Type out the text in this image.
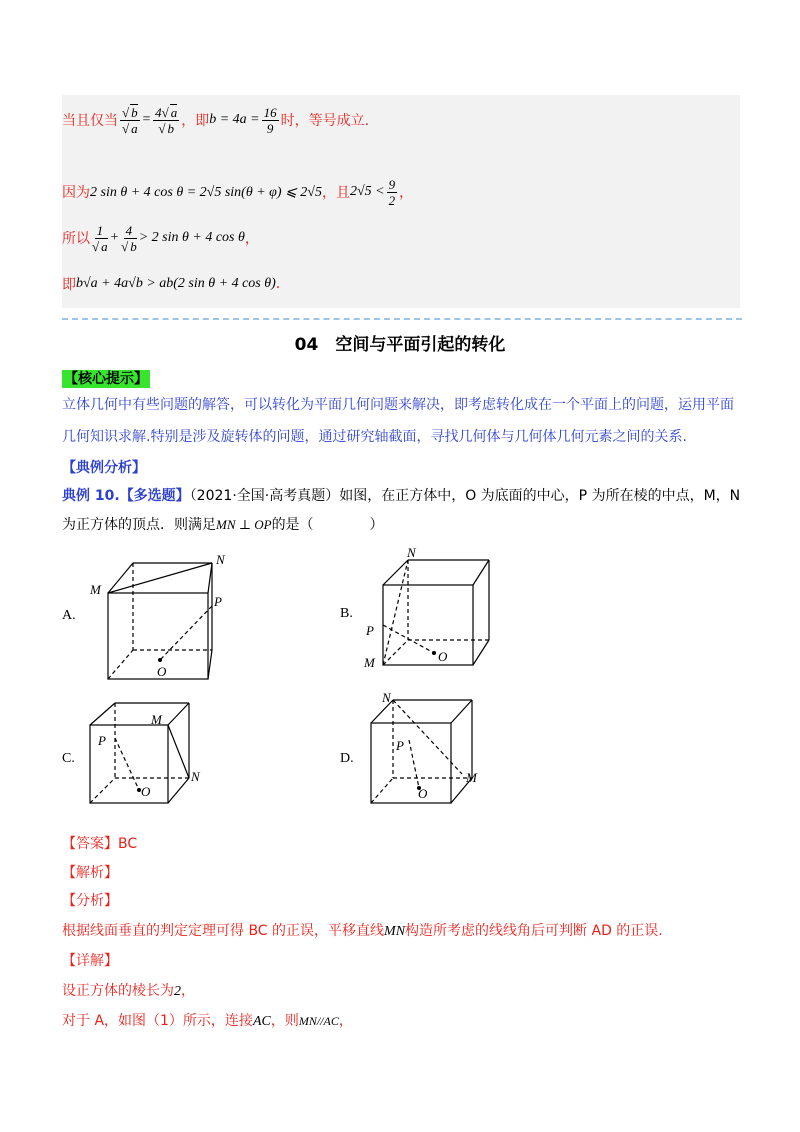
当且仅当 $\frac{√ b}{√ a} = \frac{4√ a}{√ b}$ ，即 $b = 4a = \frac{16}{9}$ 时，等号成立.
因为 2 sin θ + 4 cos θ = 2√5 sin(θ + φ) ⩽ 2√5 ，且 $2√5 < \frac{9}{2}$ ，
所以 $\frac{1}{√ a} + \frac{4}{√ b} > 2$ sin θ + 4 cos θ ，
即 b√a + 4a√b > ab(2 sin θ + 4 cos θ) .
04　空间与平面引起的转化
【核心提示】
立体几何中有些问题的解答，可以转化为平面几何问题来解决，即考虑转化成在一个平面上的问题，运用平面
几何知识求解.特别是涉及旋转体的问题，通过研究轴截面，寻找几何体与几何体几何元素之间的关系.
【典例分析】
典例 10.【多选题】（2021·全国·高考真题）如图，在正方体中，O 为底面的中心，P 为所在棱的中点，M，N
为正方体的顶点．则满足MN ⊥ OP的是（　　　　）
A.	B.
C.	D.
M
N
P
O
N
P
M	O
M
N
P
O
N
M
P
O
【答案】BC
【解析】
【分析】
根据线面垂直的判定定理可得 BC 的正误，平移直线MN构造所考虑的线线角后可判断 AD 的正误.
【详解】
设正方体的棱长为2，
对于 A，如图（1）所示，连接AC，则MN//AC，
